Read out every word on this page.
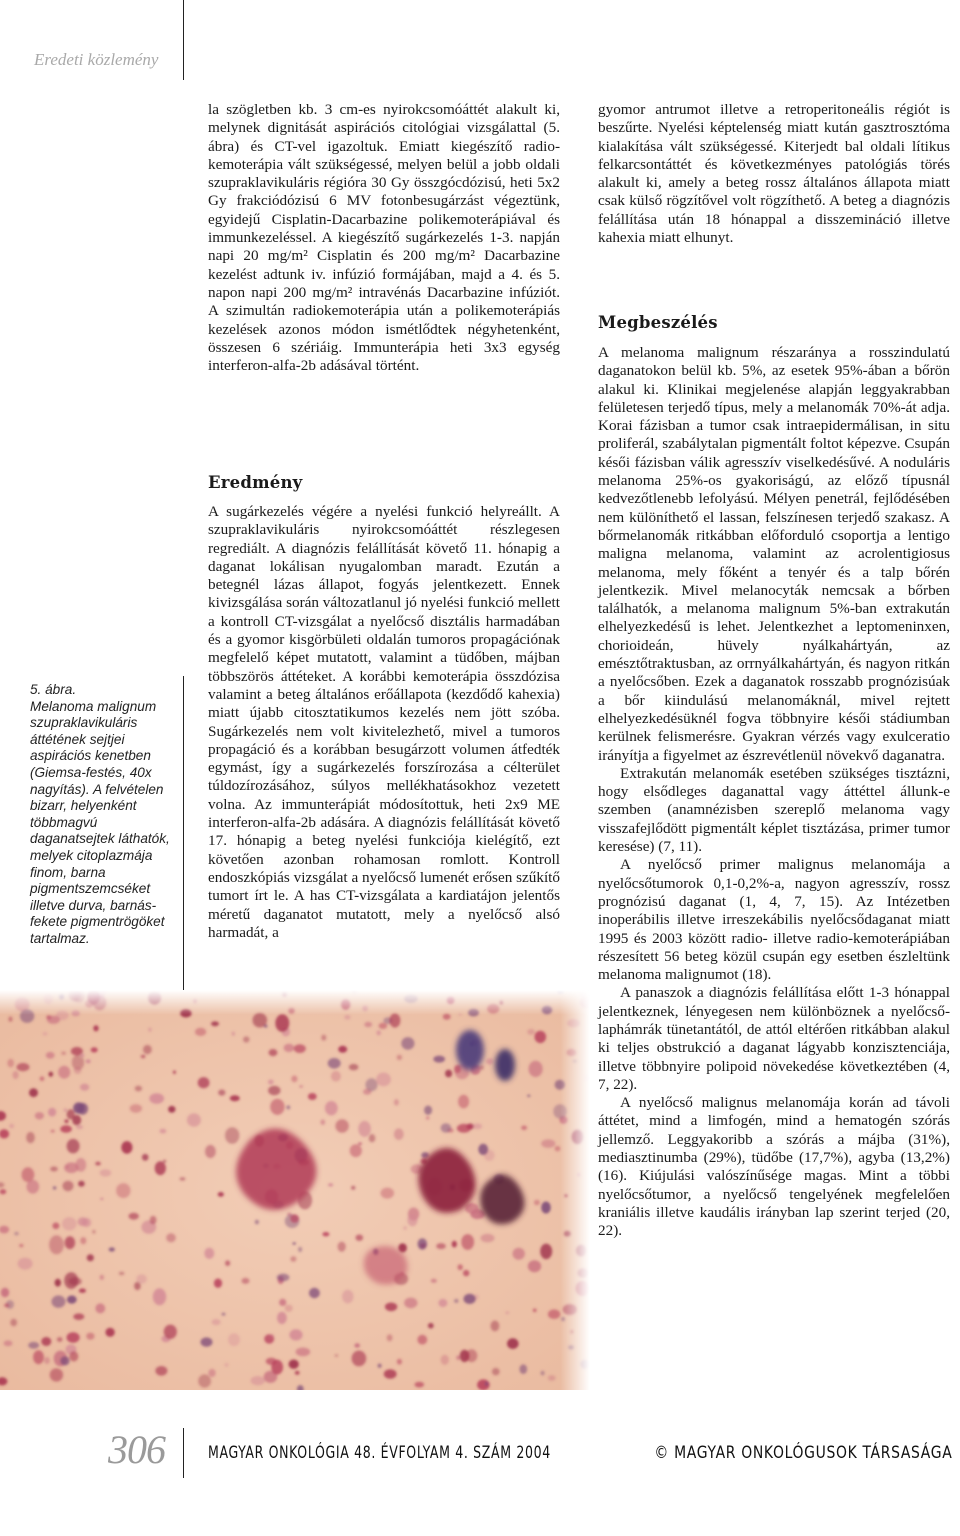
Eredeti közlemény
5. ábra.
Melanoma malignum szupraklavikuláris áttétének sejtjei aspirációs kenetben (Giemsa-festés, 40x nagyítás). A felvételen bizarr, helyenként többmagvú daganatsejtek láthatók, melyek citoplazmája finom, barna pigmentszemcséket illetve durva, barnás-fekete pigmentrögöket tartalmaz.

la szögletben kb. 3 cm-es nyirokcsomóáttét alakult ki, melynek dignitását aspirációs citológiai vizsgálattal (5. ábra) és CT-vel igazoltuk. Emiatt kiegészítő radio-kemoterápia vált szükségessé, melyen belül a jobb oldali szupraklavikuláris régióra 30 Gy összgócdózisú, heti 5x2 Gy frakciódózisú 6 MV fotonbesugárzást végeztünk, egyidejű Cisplatin-Dacarbazine polikemoterápiával és immunkezeléssel. A kiegészítő sugárkezelés 1-3. napján napi 20 mg/m² Cisplatin és 200 mg/m² Dacarbazine kezelést adtunk iv. infúzió formájában, majd a 4. és 5. napon napi 200 mg/m² intravénás Dacarbazine infúziót. A szimultán radiokemoterápia után a polikemoterápiás kezelések azonos módon ismétlődtek négyhetenként, összesen 6 szériáig. Immunterápia heti 3x3 egység interferon-alfa-2b adásával történt.

Eredmény

A sugárkezelés végére a nyelési funkció helyreállt. A szupraklavikuláris nyirokcsomóáttét részlegesen regrediált. A diagnózis felállítását követő 11. hónapig a daganat lokálisan nyugalomban maradt. Ezután a betegnél lázas állapot, fogyás jelentkezett. Ennek kivizsgálása során változatlanul jó nyelési funkció mellett a kontroll CT-vizsgálat a nyelőcső disztális harmadában és a gyomor kisgörbületi oldalán tumoros propagációnak megfelelő képet mutatott, valamint a tüdőben, májban többszörös áttéteket. A korábbi kemoterápia összdózisa valamint a beteg általános erőállapota (kezdődő kahexia) miatt újabb citosztatikumos kezelés nem jött szóba. Sugárkezelés nem volt kivitelezhető, mivel a tumoros propagáció és a korábban besugárzott volumen átfedték egymást, így a sugárkezelés forszírozása a célterület túldozírozásához, súlyos mellékhatásokhoz vezetett volna. Az immunterápiát módosítottuk, heti 2x9 ME interferon-alfa-2b adására. A diagnózis felállítását követő 17. hónapig a beteg nyelési funkciója kielégítő, ezt követően azonban rohamosan romlott. Kontroll endoszkópiás vizsgálat a nyelőcső lumenét erősen szűkítő tumort írt le. A has CT-vizsgálata a kardiatájon jelentős méretű daganatot mutatott, mely a nyelőcső alsó harmadát, a

gyomor antrumot illetve a retroperitoneális régiót is beszűrte. Nyelési képtelenség miatt kután gasztrosztóma kialakítása vált szükségessé. Kiterjedt bal oldali lítikus felkarcsontáttét és következményes patológiás törés alakult ki, amely a beteg rossz általános állapota miatt csak külső rögzítővel volt rögzíthető. A beteg a diagnózis felállítása után 18 hónappal a disszemináció illetve kahexia miatt elhunyt.

Megbeszélés

A melanoma malignum részaránya a rosszindulatú daganatokon belül kb. 5%, az esetek 95%-ában a bőrön alakul ki. Klinikai megjelenése alapján leggyakrabban felületesen terjedő típus, mely a melanomák 70%-át adja. Korai fázisban a tumor csak intraepidermálisan, in situ proliferál, szabálytalan pigmentált foltot képezve. Csupán késői fázisban válik agresszív viselkedésűvé. A noduláris melanoma 25%-os gyakoriságú, az előző típusnál kedvezőtlenebb lefolyású. Mélyen penetrál, fejlődésében nem különíthető el lassan, felszínesen terjedő szakasz. A bőrmelanomák ritkábban előforduló csoportja a lentigo maligna melanoma, valamint az acrolentigiosus melanoma, mely főként a tenyér és a talp bőrén jelentkezik. Mivel melanocyták nemcsak a bőrben találhatók, a melanoma malignum 5%-ban extrakután elhelyezkedésű is lehet. Jelentkezhet a leptomeninxen, chorioideán, hüvely nyálkahártyán, az emésztőtraktusban, az orrnyálkahártyán, és nagyon ritkán a nyelőcsőben. Ezek a daganatok rosszabb prognózisúak a bőr kiindulású melanomáknál, mivel rejtett elhelyezkedésüknél fogva többnyire késői stádiumban kerülnek felismerésre. Gyakran vérzés vagy exulceratio irányítja a figyelmet az észrevétlenül növekvő daganatra.

Extrakután melanomák esetében szükséges tisztázni, hogy elsődleges daganattal vagy áttéttel állunk-e szemben (anamnézisben szereplő melanoma vagy visszafejlődött pigmentált képlet tisztázása, primer tumor keresése) (7, 11).

A nyelőcső primer malignus melanomája a nyelőcsőtumorok 0,1-0,2%-a, nagyon agresszív, rossz prognózisú daganat (1, 4, 7, 15). Az Intézetben inoperábilis illetve irreszekábilis nyelőcsődaganat miatt 1995 és 2003 között radio- illetve radio-kemoterápiában részesített 56 beteg közül csupán egy esetben észleltünk melanoma malignumot (18).

A panaszok a diagnózis felállítása előtt 1-3 hónappal jelentkeznek, lényegesen nem különböznek a nyelőcső-laphámrák tünetantától, de attól eltérően ritkábban alakul ki teljes obstrukció a daganat lágyabb konzisztenciája, illetve többnyire polipoid növekedése következtében (4, 7, 22).

A nyelőcső malignus melanomája korán ad távoli áttétet, mind a limfogén, mind a hematogén szórás jellemző. Leggyakoribb a szórás a májba (31%), mediasztinumba (29%), tüdőbe (17,7%), agyba (13,2%) (16). Kiújulási valószínűsége magas. Mint a többi nyelőcsőtumor, a nyelőcső tengelyének megfelelően kraniális illetve kaudális irányban lap szerint terjed (20, 22).

306	MAGYAR ONKOLÓGIA 48. ÉVFOLYAM 4. SZÁM 2004	© MAGYAR ONKOLÓGUSOK TÁRSASÁGA
